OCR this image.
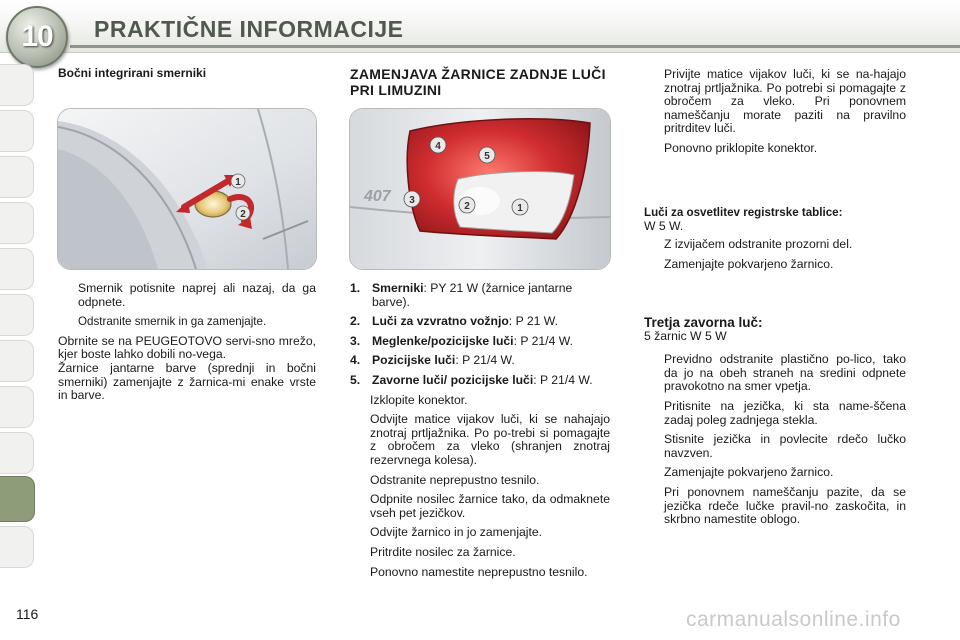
10 PRAKTIČNE INFORMACIJE
Bočni integrirani smerniki
1
2
Smernik potisnite naprej ali nazaj, da ga odpnete.
Odstranite smernik in ga zamenjajte.

Obrnite se na PEUGEOTOVO servi-sno mrežo, kjer boste lahko dobili no-vega.

Žarnice jantarne barve (sprednji in bočni smerniki) zamenjajte z žarnica-mi enake vrste in barve.

ZAMENJAVA ŽARNICE ZADNJE LUČI PRI LIMUZINI
407
4
5
3
2	1
1. Smerniki: PY 21 W (žarnice jantarne barve).
2. Luči za vzvratno vožnjo: P 21 W.
3. Meglenke/pozicijske luči: P 21/4 W.
4. Pozicijske luči: P 21/4 W.
5. Zavorne luči/ pozicijske luči: P 21/4 W.
Izklopite konektor.
Odvijte matice vijakov luči, ki se nahajajo znotraj prtljažnika. Po po-trebi si pomagajte z obročem za vleko (shranjen znotraj rezervnega kolesa).
Odstranite neprepustno tesnilo.
Odpnite nosilec žarnice tako, da odmaknete vseh pet jezičkov.
Odvijte žarnico in jo zamenjajte.
Pritrdite nosilec za žarnice.
Ponovno namestite neprepustno tesnilo.
Privijte matice vijakov luči, ki se na-hajajo znotraj prtljažnika. Po potrebi si pomagajte z obročem za vleko. Pri ponovnem nameščanju morate paziti na pravilno pritrditev luči.
Ponovno priklopite konektor.

Luči za osvetlitev registrske tablice:

W 5 W.

Z izvijačem odstranite prozorni del.
Zamenjajte pokvarjeno žarnico.

Tretja zavorna luč:

5 žarnic W 5 W

Previdno odstranite plastično po-lico, tako da jo na obeh straneh na sredini odpnete pravokotno na smer vpetja.
Pritisnite na jezička, ki sta name-ščena zadaj poleg zadnjega stekla.
Stisnite jezička in povlecite rdečo lučko navzven.
Zamenjajte pokvarjeno žarnico.
Pri ponovnem nameščanju pazite, da se jezička rdeče lučke pravil-no zaskočita, in skrbno namestite oblogo.
116	carmanualsonline.info
